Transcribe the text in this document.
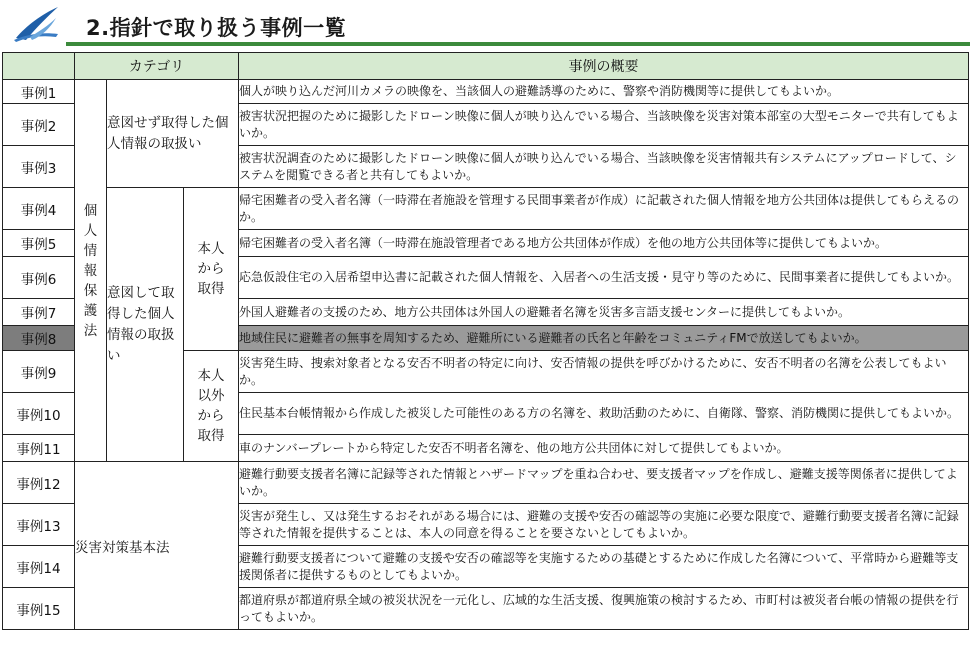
2.指針で取り扱う事例一覧
	カテゴリ			事例の概要
事例1	個人情報保護法	意図せず取得した個人情報の取扱い		個人が映り込んだ河川カメラの映像を、当該個人の避難誘導のために、警察や消防機関等に提供してもよいか。
事例2				被害状況把握のために撮影したドローン映像に個人が映り込んでいる場合、当該映像を災害対策本部室の大型モニターで共有してもよいか。
事例3				被害状況調査のために撮影したドローン映像に個人が映り込んでいる場合、当該映像を災害情報共有システムにアップロードして、システムを閲覧できる者と共有してもよいか。
事例4		意図して取得した個人情報の取扱い	本人から取得	帰宅困難者の受入者名簿（一時滞在者施設を管理する民間事業者が作成）に記載された個人情報を地方公共団体は提供してもらえるのか。
事例5				帰宅困難者の受入者名簿（一時滞在施設管理者である地方公共団体が作成）を他の地方公共団体等に提供してもよいか。
事例6				応急仮設住宅の入居希望申込書に記載された個人情報を、入居者への生活支援・見守り等のために、民間事業者に提供してもよいか。
事例7				外国人避難者の支援のため、地方公共団体は外国人の避難者名簿を災害多言語支援センターに提供してもよいか。
事例8				地域住民に避難者の無事を周知するため、避難所にいる避難者の氏名と年齢をコミュニティFMで放送してもよいか。
事例9			本人以外から取得	災害発生時、捜索対象者となる安否不明者の特定に向け、安否情報の提供を呼びかけるために、安否不明者の名簿を公表してもよいか。
事例10				住民基本台帳情報から作成した被災した可能性のある方の名簿を、救助活動のために、自衛隊、警察、消防機関に提供してもよいか。
事例11				車のナンバープレートから特定した安否不明者名簿を、他の地方公共団体に対して提供してもよいか。
事例12	災害対策基本法			避難行動要支援者名簿に記録等された情報とハザードマップを重ね合わせ、要支援者マップを作成し、避難支援等関係者に提供してよいか。
事例13				災害が発生し、又は発生するおそれがある場合には、避難の支援や安否の確認等の実施に必要な限度で、避難行動要支援者名簿に記録等された情報を提供することは、本人の同意を得ることを要さないとしてもよいか。
事例14				避難行動要支援者について避難の支援や安否の確認等を実施するための基礎とするために作成した名簿について、平常時から避難等支援関係者に提供するものとしてもよいか。
事例15				都道府県が都道府県全域の被災状況を一元化し、広域的な生活支援、復興施策の検討するため、市町村は被災者台帳の情報の提供を行ってもよいか。
